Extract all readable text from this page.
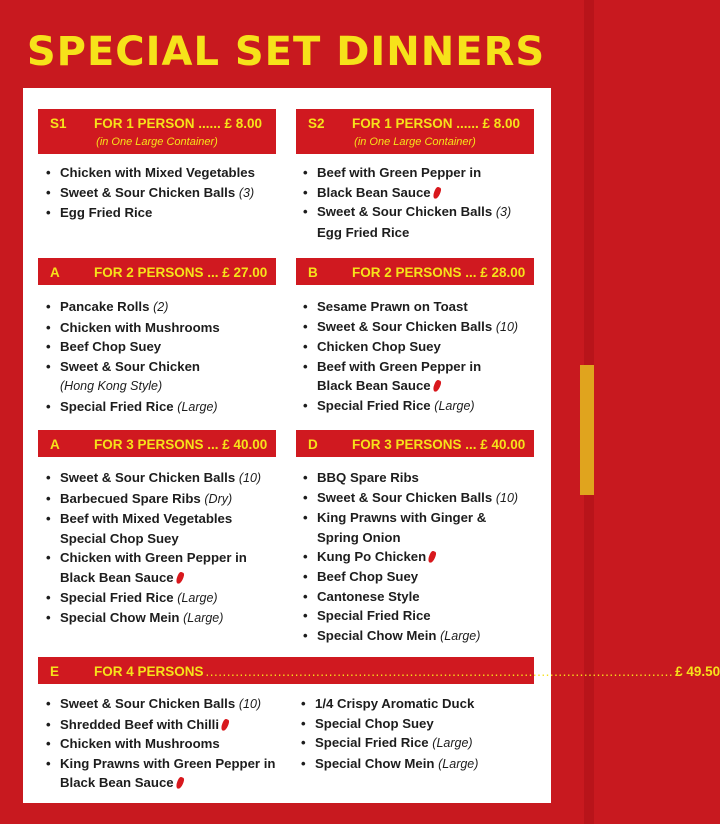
SPECIAL SET DINNERS
S1 FOR 1 PERSON ...... £ 8.00
(in One Large Container)
• Chicken with Mixed Vegetables
• Sweet & Sour Chicken Balls (3)
• Egg Fried Rice
S2 FOR 1 PERSON ...... £ 8.00
(in One Large Container)
• Beef with Green Pepper in
• Black Bean Sauce
• Sweet & Sour Chicken Balls (3)
Egg Fried Rice
A	FOR 2 PERSONS ... £ 27.00
• Pancake Rolls (2)
• Chicken with Mushrooms
• Beef Chop Suey
• Sweet & Sour Chicken
(Hong Kong Style)
• Special Fried Rice (Large)
B	FOR 2 PERSONS ... £ 28.00
• Sesame Prawn on Toast
• Sweet & Sour Chicken Balls (10)
• Chicken Chop Suey
• Beef with Green Pepper in
Black Bean Sauce
• Special Fried Rice (Large)
A	FOR 3 PERSONS ... £ 40.00
• Sweet & Sour Chicken Balls (10)
• Barbecued Spare Ribs (Dry)
• Beef with Mixed Vegetables
Special Chop Suey
• Chicken with Green Pepper in
Black Bean Sauce
• Special Fried Rice (Large)
• Special Chow Mein (Large)
D	FOR 3 PERSONS ... £ 40.00
• BBQ Spare Ribs
• Sweet & Sour Chicken Balls (10)
• King Prawns with Ginger &
Spring Onion
• Kung Po Chicken
• Beef Chop Suey
• Cantonese Style
• Special Fried Rice
• Special Chow Mein (Large)
E	FOR 4 PERSONS .............................................................................................................. £ 49.50
• Sweet & Sour Chicken Balls (10)
• Shredded Beef with Chilli
• Chicken with Mushrooms
• King Prawns with Green Pepper in
Black Bean Sauce
• 1/4 Crispy Aromatic Duck
• Special Chop Suey
• Special Fried Rice (Large)
• Special Chow Mein (Large)
